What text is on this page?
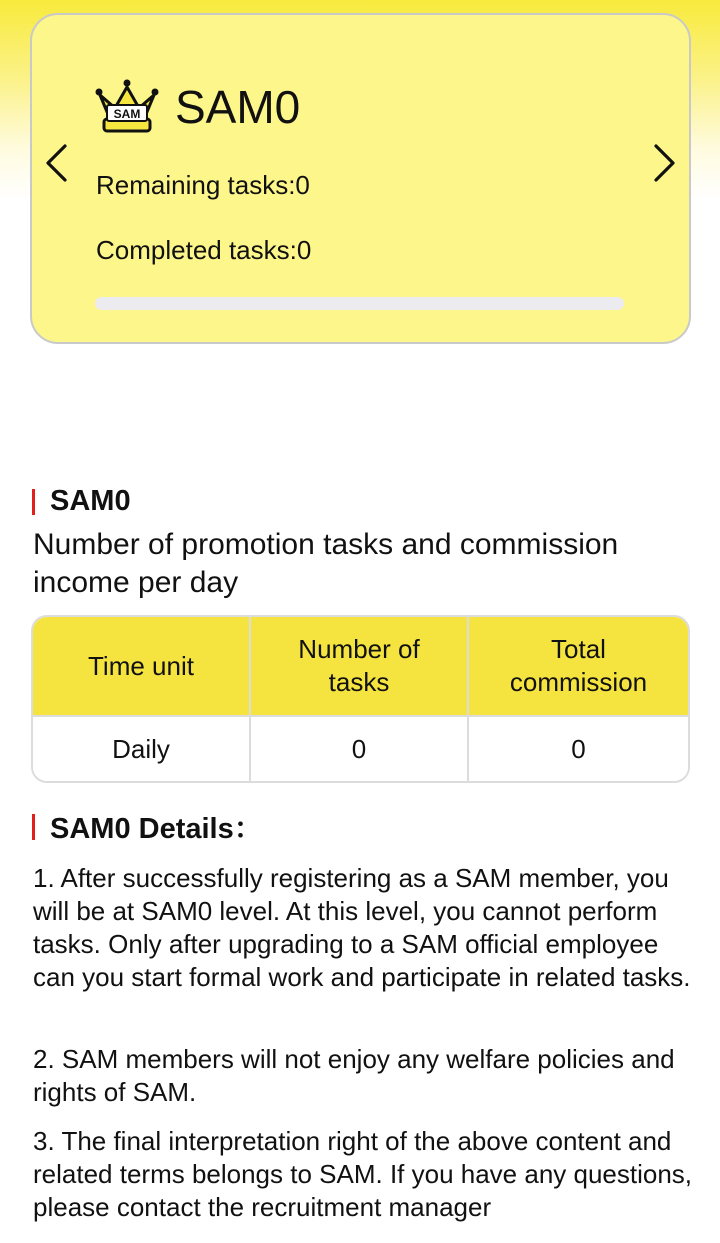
SAM SAM0
Remaining tasks:0
Completed tasks:0
SAM0
Number of promotion tasks and commission income per day
Time unit
Number of tasks
Total commission
Daily	0	0
SAM0 Details：
1. After successfully registering as a SAM member, you will be at SAM0 level. At this level, you cannot perform tasks. Only after upgrading to a SAM official employee can you start formal work and participate in related tasks.
2. SAM members will not enjoy any welfare policies and rights of SAM.
3. The final interpretation right of the above content and related terms belongs to SAM. If you have any questions, please contact the recruitment manager
